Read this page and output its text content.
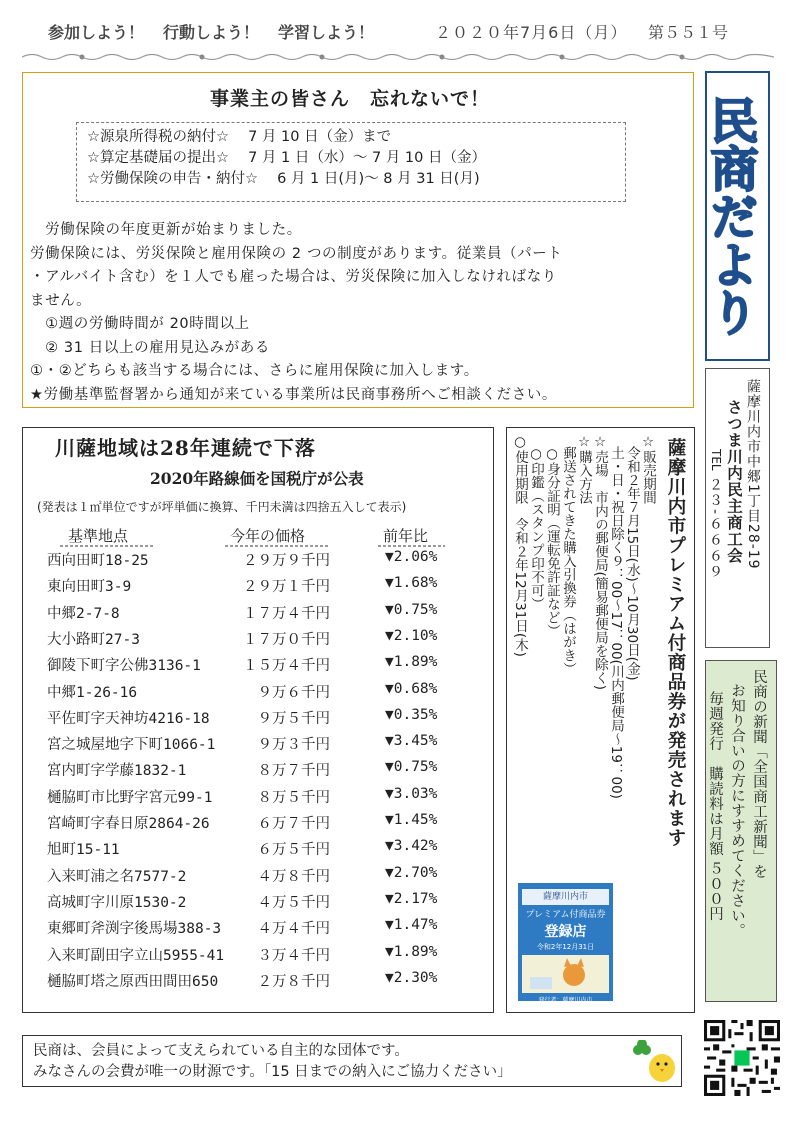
参加しよう！ 行動しよう！ 学習しよう！	２０２０年7月6日（月） 第５５１号
事業主の皆さん　忘れないで！
☆源泉所得税の納付☆　 7 月 10 日（金）まで
☆算定基礎届の提出☆　 7 月 1 日（水）～ 7 月 10 日（金）
☆労働保険の申告・納付☆　 6 月 1 日(月)～ 8 月 31 日(月)
　労働保険の年度更新が始まりました。
労働保険には、労災保険と雇用保険の 2 つの制度があります。従業員（パート
・アルバイト含む）を１人でも雇った場合は、労災保険に加入しなければなり
ません。
　①週の労働時間が 20時間以上
　② 31 日以上の雇用見込みがある
①・②どちらも該当する場合には、さらに雇用保険に加入します。
★労働基準監督署から通知が来ている事業所は民商事務所へご相談ください。
民商だより
薩摩川内市中郷1丁目28-19
さつま川内民主商工会
TEL
２３-６６６９
民商の新聞「全国商工新聞」を
お知り合いの方にすすめてください。
毎週発行　購読料は月額 ５００円
川薩地域は28年連続で下落
2020年路線価を国税庁が公表
(発表は１㎡単位ですが坪単価に換算、千円未満は四捨五入して表示)
基準地点	今年の価格	前年比
西向田町18-25	２９万９千円	▼2.06%
東向田町3-9	２９万１千円	▼1.68%
中郷2-7-8	１７万４千円	▼0.75%
大小路町27-3	１７万０千円	▼2.10%
御陵下町字公佛3136-1	１５万４千円	▼1.89%
中郷1-26-16	９万６千円	▼0.68%
平佐町字天神坊4216-18	９万５千円	▼0.35%
宮之城屋地字下町1066-1	９万３千円	▼3.45%
宮内町字学藤1832-1	８万７千円	▼0.75%
樋脇町市比野字宮元99-1	８万５千円	▼3.03%
宮崎町字春日原2864-26	６万７千円	▼1.45%
旭町15-11	６万５千円	▼3.42%
入来町浦之名7577-2	４万８千円	▼2.70%
高城町字川原1530-2	４万５千円	▼2.17%
東郷町斧渕字後馬場388-3	４万４千円	▼1.47%
入来町副田字立山5955-41 ３万４千円	▼1.89%
樋脇町塔之原西田間田650	２万８千円	▼2.30%
薩摩川内市プレミアム付商品券が発売されます
☆販売期間
令和２年７月15日(水)～10月30日(金)
土・日・祝日除く９：00～17：00(川内郵便局～19：00)
☆売場　市内の郵便局(簡易郵便局を除く)
☆購入方法
郵送されてきた購入引換券（はがき）
○身分証明（運転免許証など）
○印鑑（スタンプ印不可）
○使用期限　令和２年12月31日(木)
薩摩川内市
プレミアム付商品券
登録店
令和2年12月31日
発行者：薩摩川内市
民商は、会員によって支えられている自主的な団体です。
みなさんの会費が唯一の財源です。「15 日までの納入にご協力ください」
